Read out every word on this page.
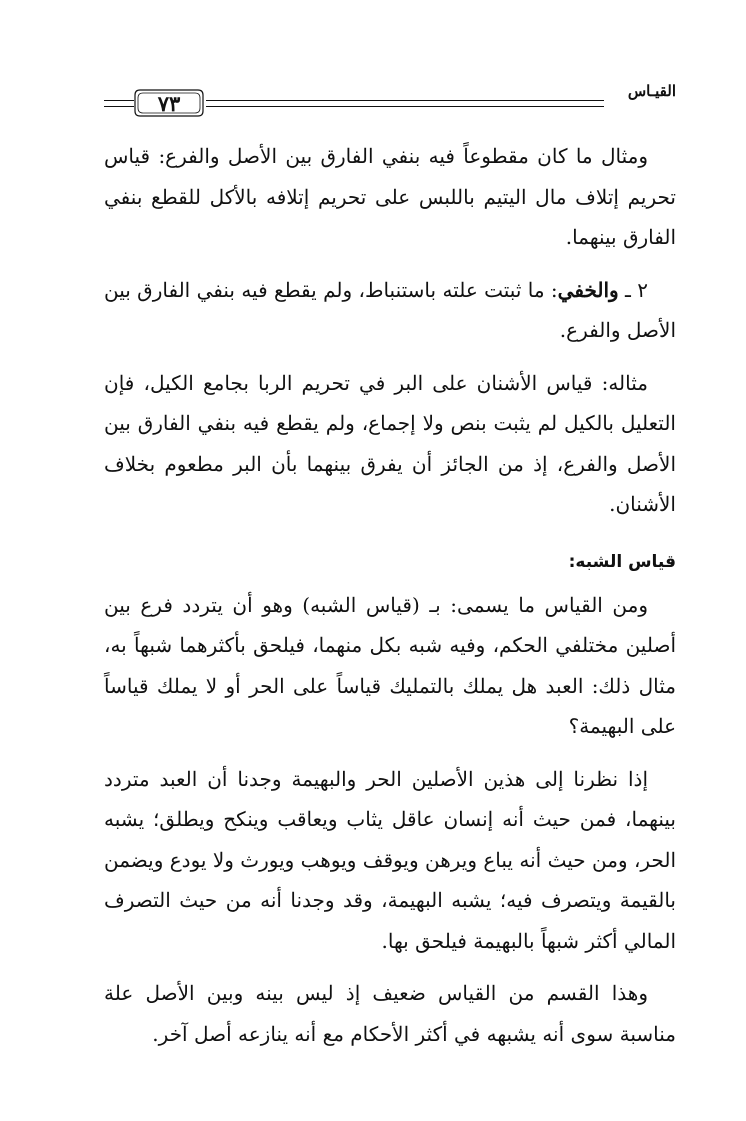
القيـاس
٧٣

ومثال ما كان مقطوعاً فيه بنفي الفارق بين الأصل والفرع: قياس تحريم إتلاف مال اليتيم باللبس على تحريم إتلافه بالأكل للقطع بنفي الفارق بينهما.

٢ ـ والخفي: ما ثبتت علته باستنباط، ولم يقطع فيه بنفي الفارق بين الأصل والفرع.

مثاله: قياس الأشنان على البر في تحريم الربا بجامع الكيل، فإن التعليل بالكيل لم يثبت بنص ولا إجماع، ولم يقطع فيه بنفي الفارق بين الأصل والفرع، إذ من الجائز أن يفرق بينهما بأن البر مطعوم بخلاف الأشنان.

قياس الشبه:

ومن القياس ما يسمى: بـ (قياس الشبه) وهو أن يتردد فرع بين أصلين مختلفي الحكم، وفيه شبه بكل منهما، فيلحق بأكثرهما شبهاً به، مثال ذلك: العبد هل يملك بالتمليك قياساً على الحر أو لا يملك قياساً على البهيمة؟

إذا نظرنا إلى هذين الأصلين الحر والبهيمة وجدنا أن العبد متردد بينهما، فمن حيث أنه إنسان عاقل يثاب ويعاقب وينكح ويطلق؛ يشبه الحر، ومن حيث أنه يباع ويرهن ويوقف ويوهب ويورث ولا يودع ويضمن بالقيمة ويتصرف فيه؛ يشبه البهيمة، وقد وجدنا أنه من حيث التصرف المالي أكثر شبهاً بالبهيمة فيلحق بها.

وهذا القسم من القياس ضعيف إذ ليس بينه وبين الأصل علة مناسبة سوى أنه يشبهه في أكثر الأحكام مع أنه ينازعه أصل آخر.
